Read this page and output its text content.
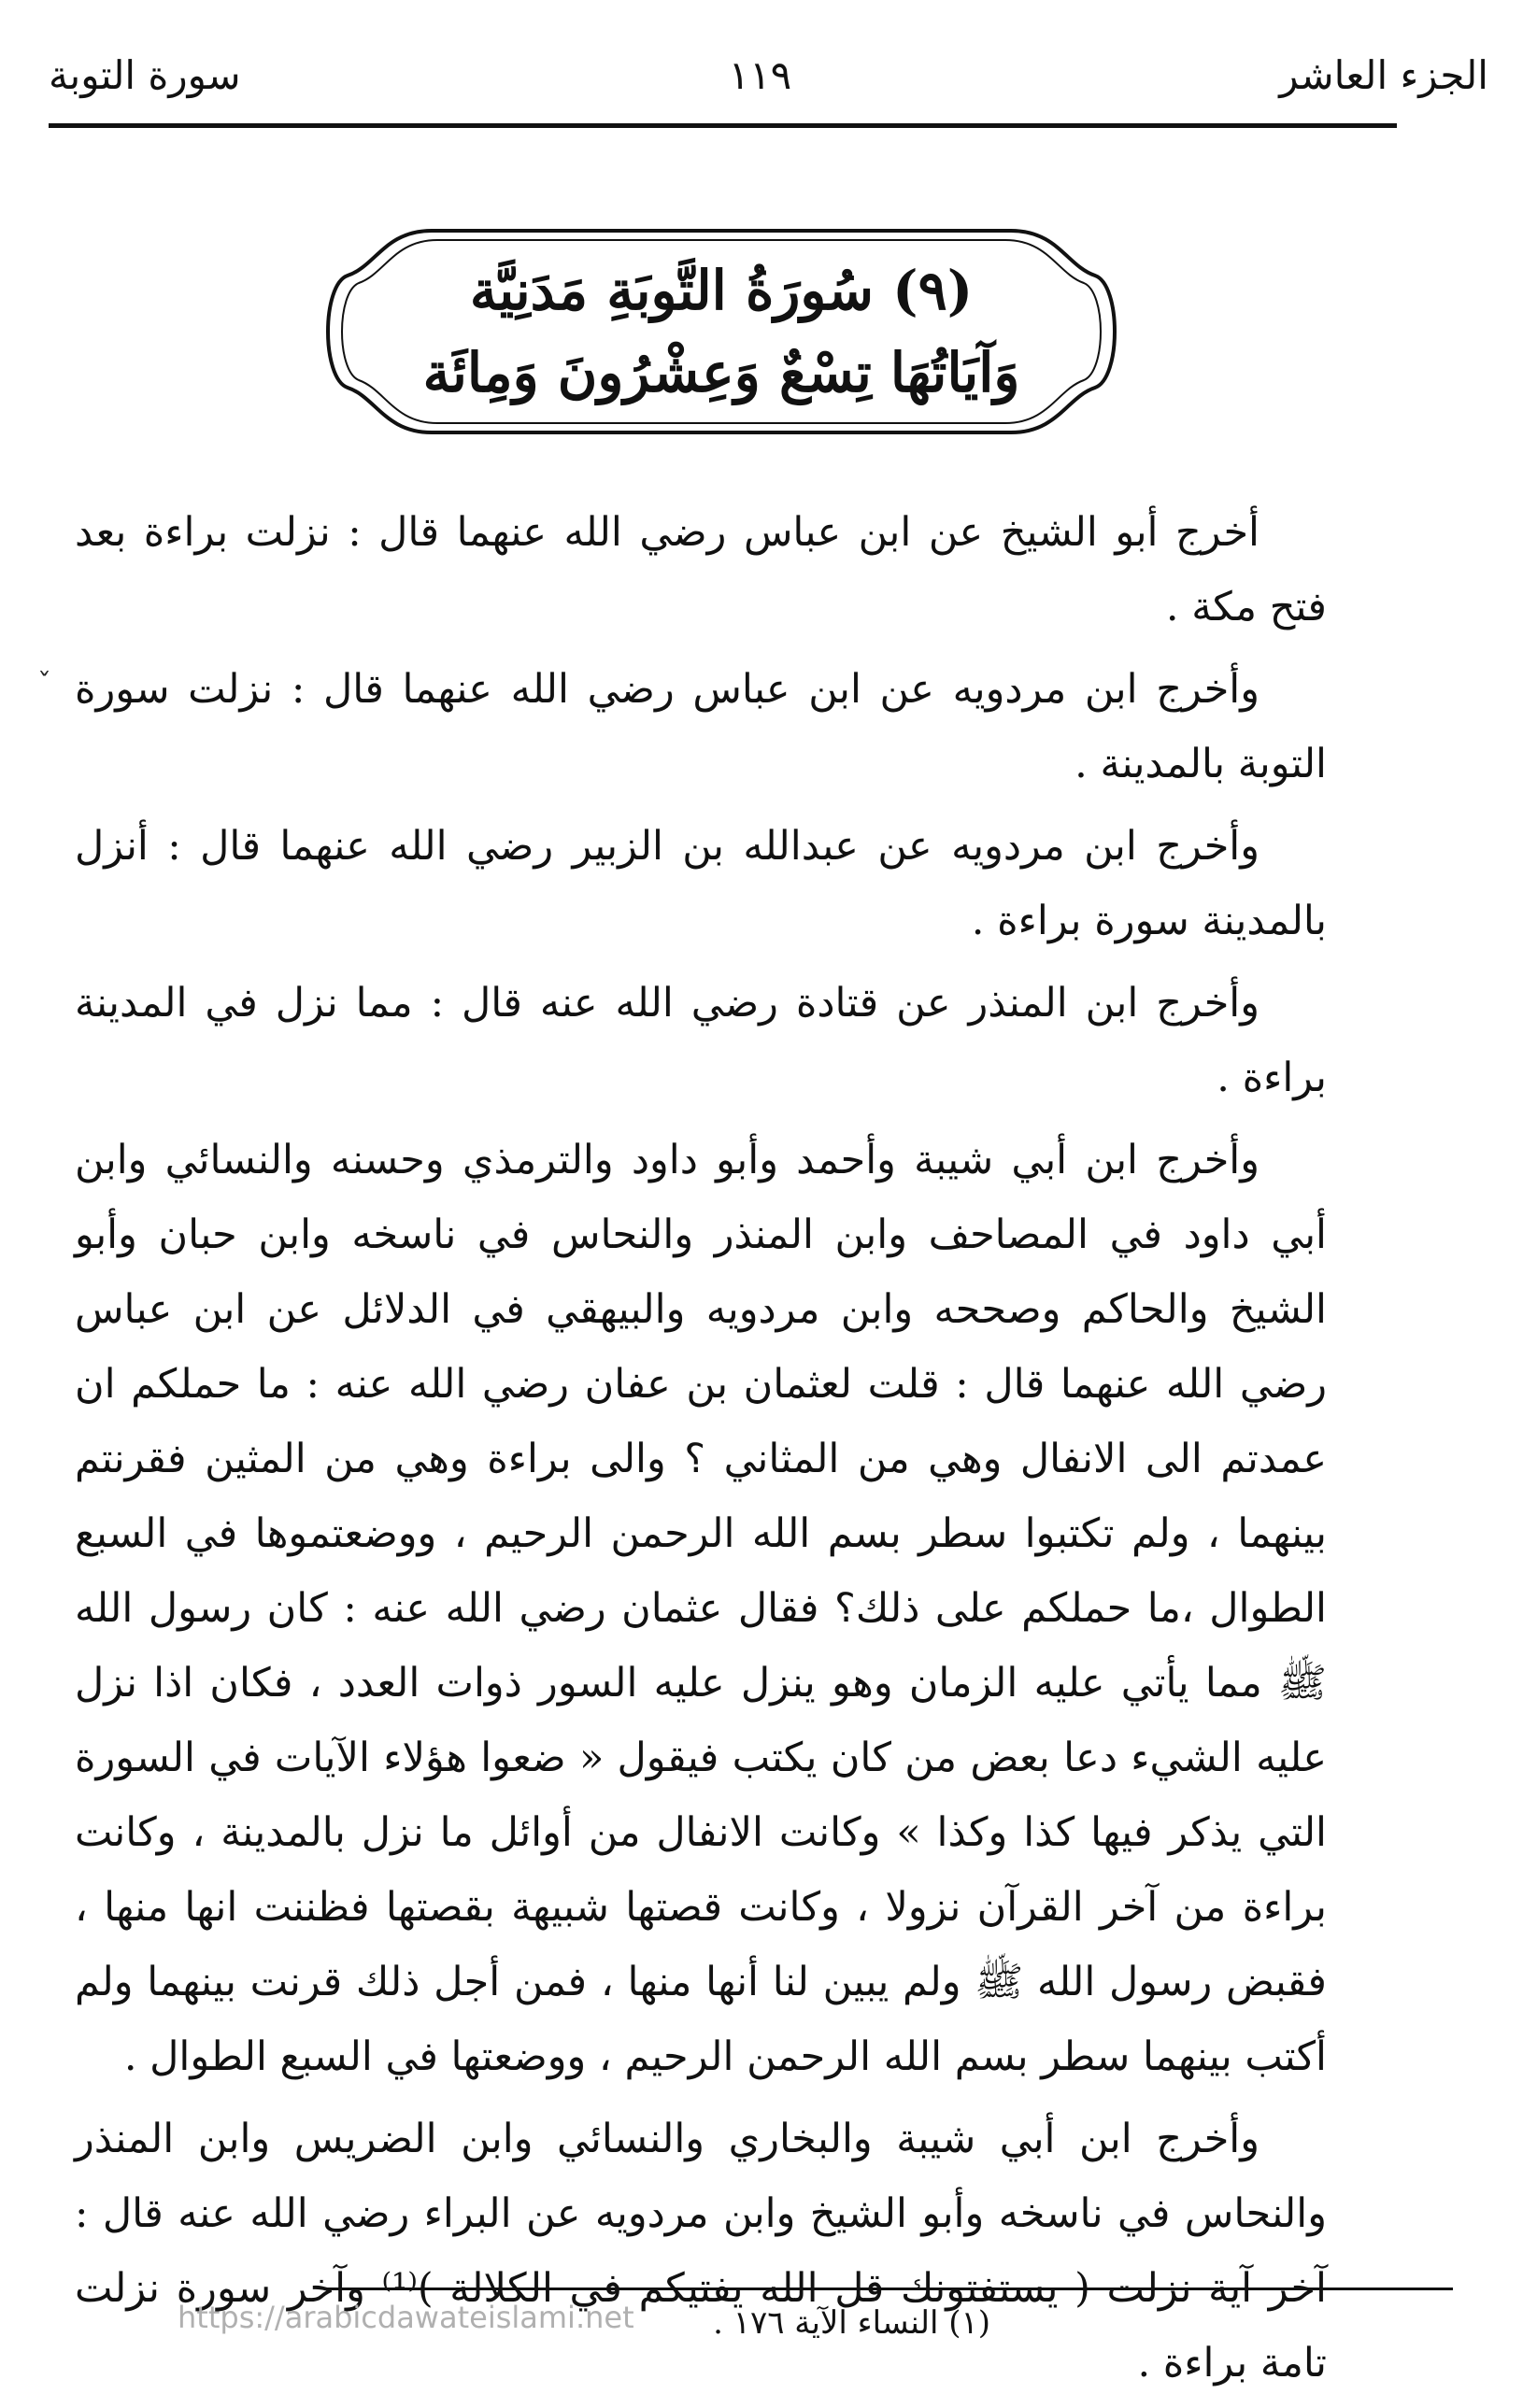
سورة التوبة	١١٩	الجزء العاشر
(٩) سُورَةُ التَّوبَةِ مَدَنِيَّة
وَآيَاتُهَا تِسْعٌ وَعِشْرُونَ وَمِائَة
ˇ

أخرج أبو الشيخ عن ابن عباس رضي الله عنهما قال : نزلت براءة بعد فتح مكة .

وأخرج ابن مردويه عن ابن عباس رضي الله عنهما قال : نزلت سورة التوبة بالمدينة .

وأخرج ابن مردويه عن عبدالله بن الزبير رضي الله عنهما قال : أنزل بالمدينة سورة براءة .

وأخرج ابن المنذر عن قتادة رضي الله عنه قال : مما نزل في المدينة براءة .

وأخرج ابن أبي شيبة وأحمد وأبو داود والترمذي وحسنه والنسائي وابن أبي داود في المصاحف وابن المنذر والنحاس في ناسخه وابن حبان وأبو الشيخ والحاكم وصححه وابن مردويه والبيهقي في الدلائل عن ابن عباس رضي الله عنهما قال : قلت لعثمان بن عفان رضي الله عنه : ما حملكم ان عمدتم الى الانفال وهي من المثاني ؟ والى براءة وهي من المثين فقرنتم بينهما ، ولم تكتبوا سطر بسم الله الرحمن الرحيم ، ووضعتموها في السبع الطوال ،ما حملكم على ذلك؟ فقال عثمان رضي الله عنه : كان رسول الله ﷺ مما يأتي عليه الزمان وهو ينزل عليه السور ذوات العدد ، فكان اذا نزل عليه الشيء دعا بعض من كان يكتب فيقول « ضعوا هؤلاء الآيات في السورة التي يذكر فيها كذا وكذا » وكانت الانفال من أوائل ما نزل بالمدينة ، وكانت براءة من آخر القرآن نزولا ، وكانت قصتها شبيهة بقصتها فظننت انها منها ، فقبض رسول الله ﷺ ولم يبين لنا أنها منها ، فمن أجل ذلك قرنت بينهما ولم أكتب بينهما سطر بسم الله الرحمن الرحيم ، ووضعتها في السبع الطوال .

وأخرج ابن أبي شيبة والبخاري والنسائي وابن الضريس وابن المنذر والنحاس في ناسخه وأبو الشيخ وابن مردويه عن البراء رضي الله عنه قال : آخر آية نزلت ( يستفتونك قل الله يفتيكم في الكلالة )⁽¹⁾ وآخر سورة نزلت تامة براءة .

(١) النساء الآية ١٧٦ .
https://arabicdawateislami.net
